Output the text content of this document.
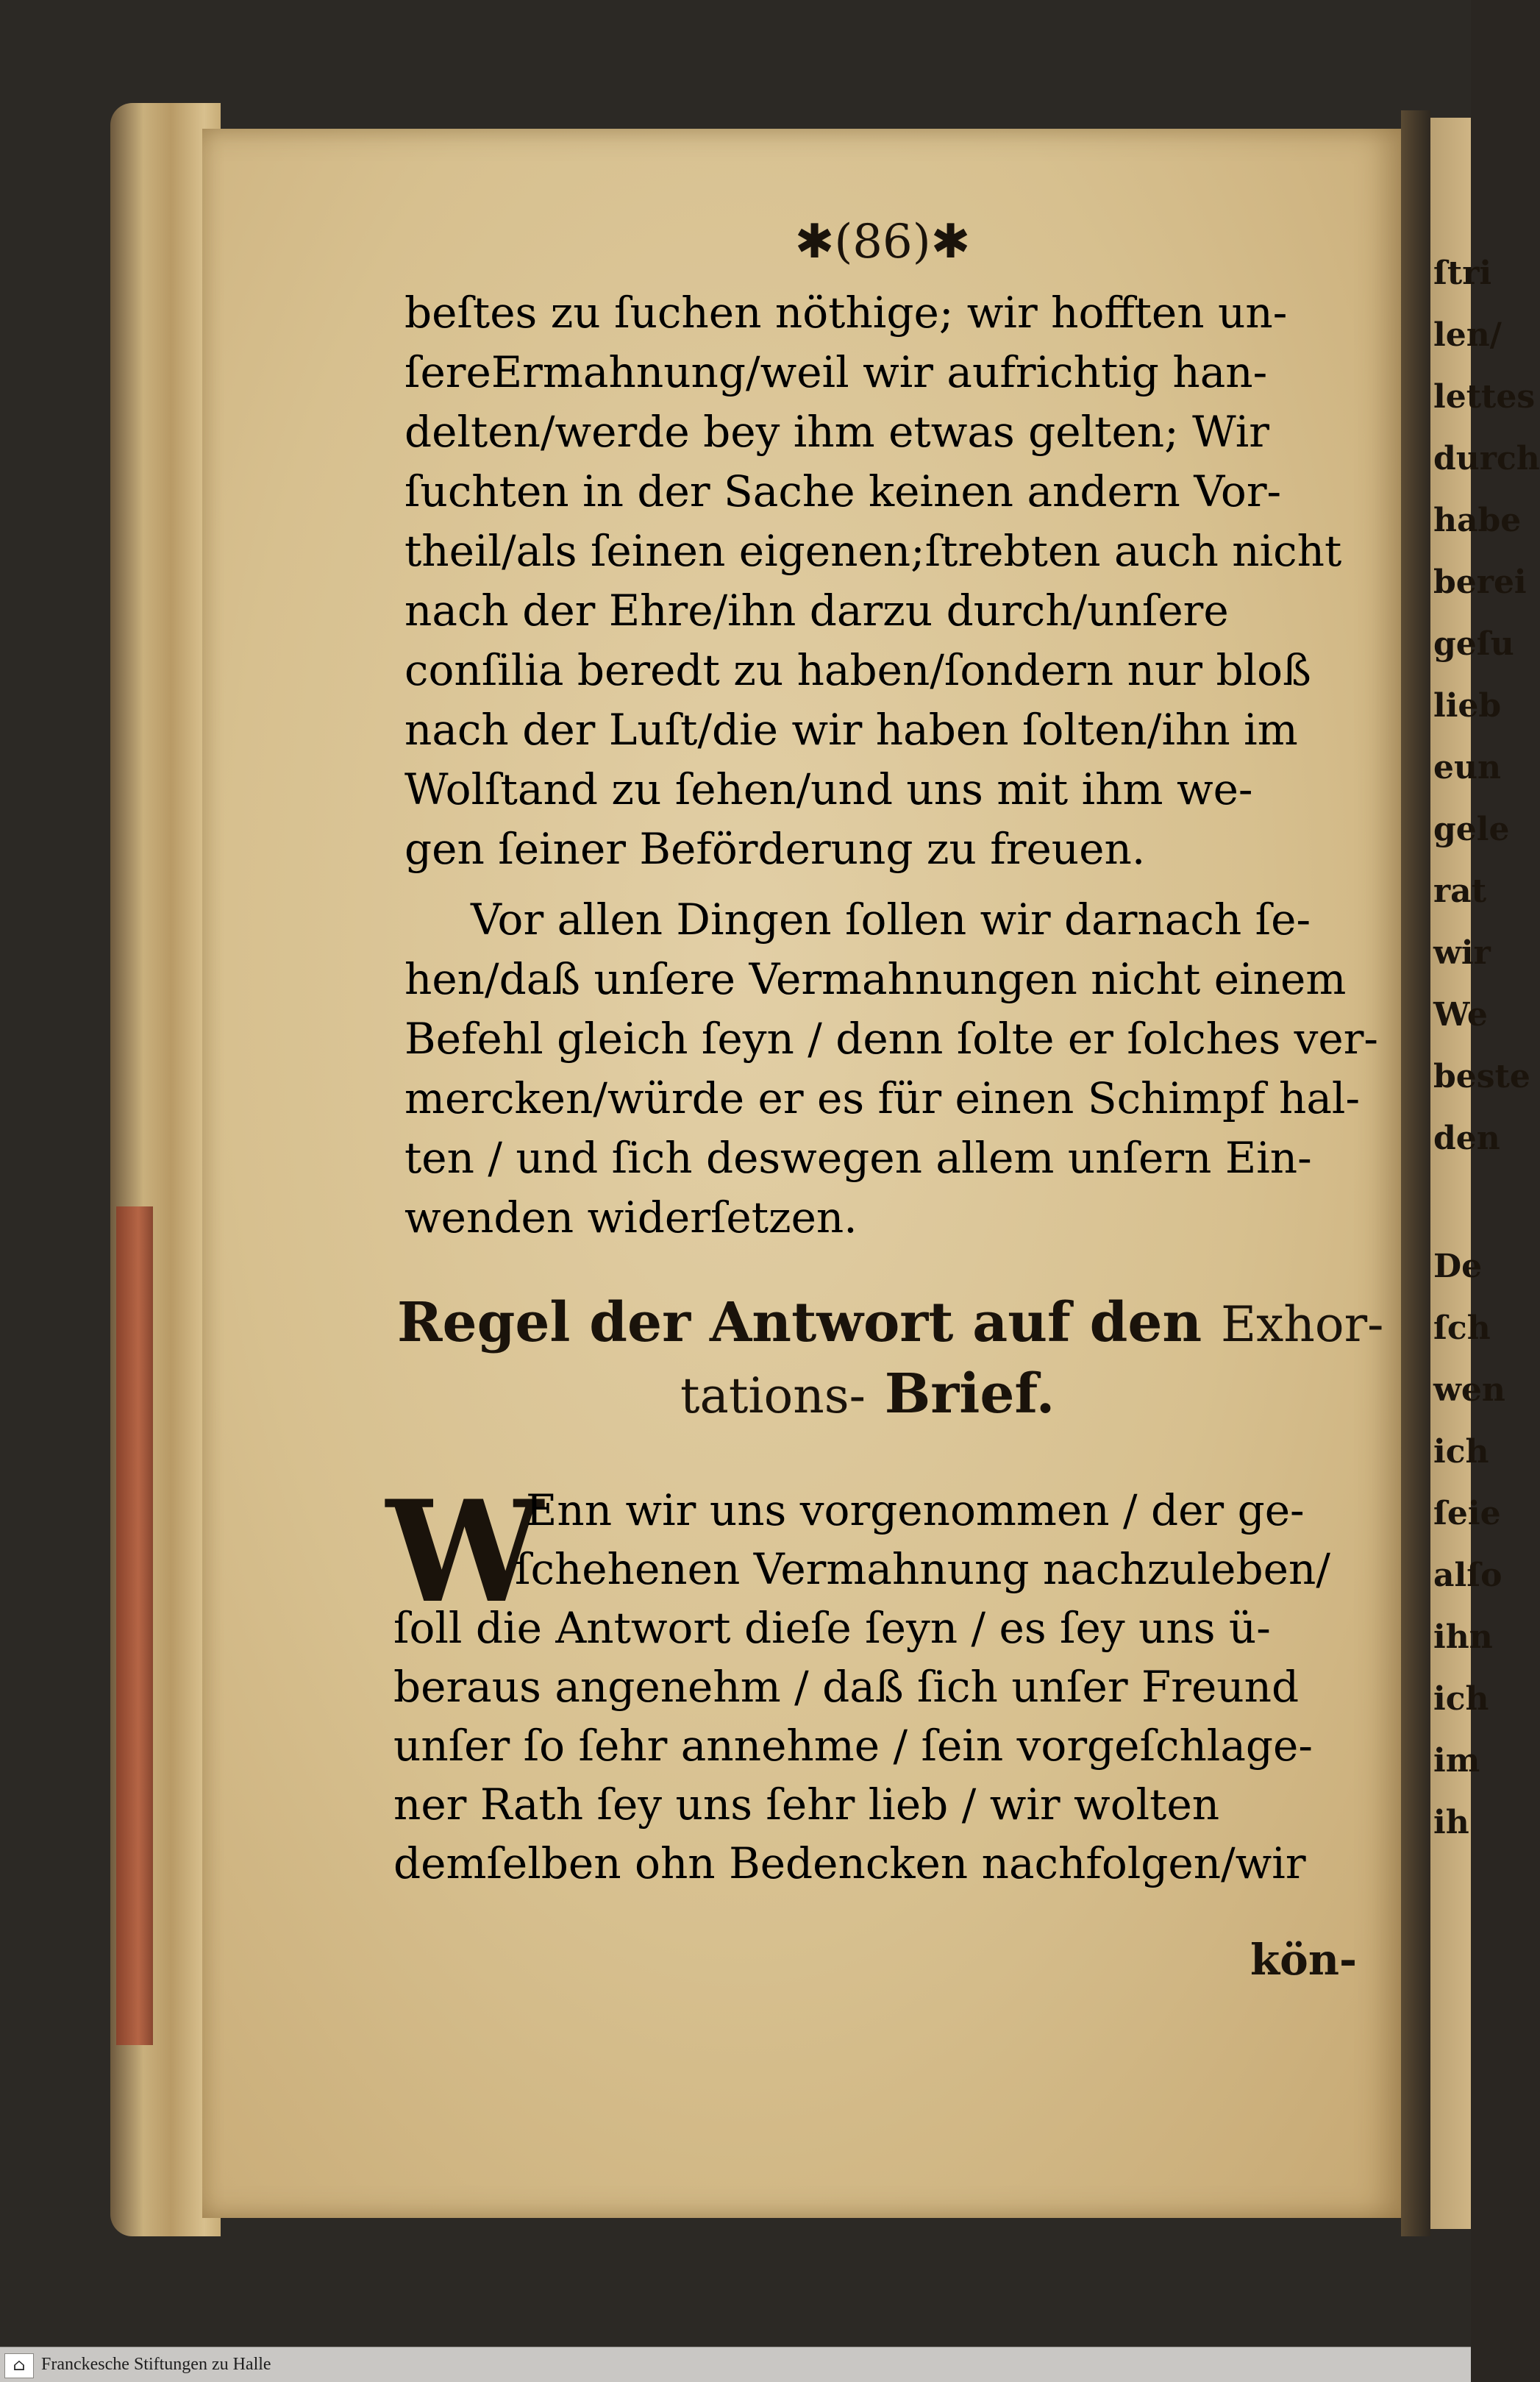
ſtri
len/
lettes
durch
habe
berei
geſu
lieb
eun
gele
rat
wir
We
beste
den
De
ſch
wen
ich
ſeie
alſo
ihn
ich
im
ih
✱(86)✱
beſtes zu ſuchen nöthige; wir hofften un-
ſereErmahnung/weil wir aufrichtig han-
delten/werde bey ihm etwas gelten; Wir
ſuchten in der Sache keinen andern Vor-
theil/als ſeinen eigenen;ſtrebten auch nicht
nach der Ehre/ihn darzu durch/unſere
conſilia beredt zu haben/ſondern nur bloß
nach der Luſt/die wir haben ſolten/ihn im
Wolſtand zu ſehen/und uns mit ihm we-
gen ſeiner Beförderung zu freuen.
Vor allen Dingen ſollen wir darnach ſe-
hen/daß unſere Vermahnungen nicht einem
Befehl gleich ſeyn / denn ſolte er ſolches ver-
mercken/würde er es für einen Schimpf hal-
ten / und ſich deswegen allem unſern Ein-
wenden widerſetzen.
Regel der Antwort auf den Exhor-
tations- Brief.
W
Enn wir uns vorgenommen / der ge-
ſchehenen Vermahnung nachzuleben/
ſoll die Antwort dieſe ſeyn / es ſey uns ü-
beraus angenehm / daß ſich unſer Freund
unſer ſo ſehr annehme / ſein vorgeſchlage-
ner Rath ſey uns ſehr lieb / wir wolten
demſelben ohn Bedencken nachfolgen/wir
kön-
⌂ Franckesche Stiftungen zu Halle
